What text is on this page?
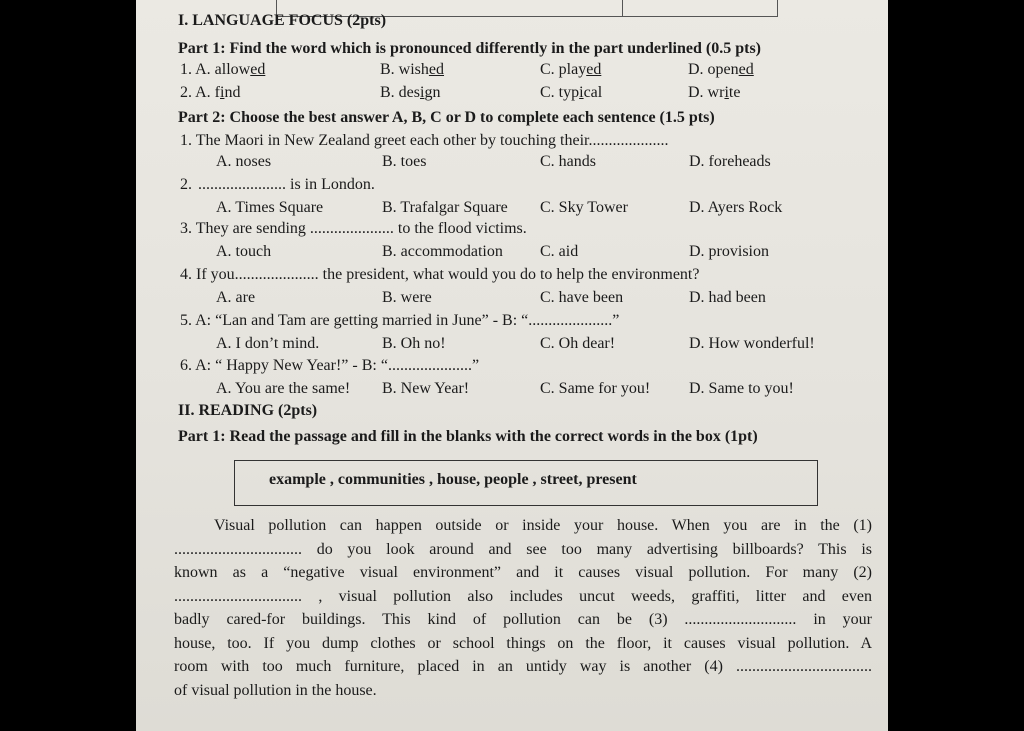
I. LANGUAGE FOCUS (2pts)
Part 1: Find the word which is pronounced differently in the part underlined (0.5 pts)
1. A. allowed	B. wished	C. played	D. opened
2. A. find	B. design	C. typical	D. write
Part 2: Choose the best answer A, B, C or D to complete each sentence (1.5 pts)
1. The Maori in New Zealand greet each other by touching their....................
A. noses	B. toes	C. hands	D. foreheads
2. ...................... is in London.
A. Times Square	B. Trafalgar Square C. Sky Tower	D. Ayers Rock
3. They are sending ..................... to the flood victims.
A. touch	B. accommodation C. aid	D. provision
4. If you..................... the president, what would you do to help the environment?
A. are	B. were	C. have been	D. had been
5. A: “Lan and Tam are getting married in June” - B: “.....................”
A. I don’t mind.	B. Oh no!	C. Oh dear!	D. How wonderful!
6. A: “ Happy New Year!” - B: “.....................”
A. You are the same! B. New Year!	C. Same for you! D. Same to you!
II. READING (2pts)
Part 1: Read the passage and fill in the blanks with the correct words in the box (1pt)
example , communities , house, people , street, present
Visual pollution can happen outside or inside your house. When you are in the (1)
................................ do you look around and see too many advertising billboards? This is
known as a “negative visual environment” and it causes visual pollution. For many (2)
................................ , visual pollution also includes uncut weeds, graffiti, litter and even
badly cared-for buildings. This kind of pollution can be (3) ............................ in your
house, too. If you dump clothes or school things on the floor, it causes visual pollution. A
room with too much furniture, placed in an untidy way is another (4) ..................................
of visual pollution in the house.
